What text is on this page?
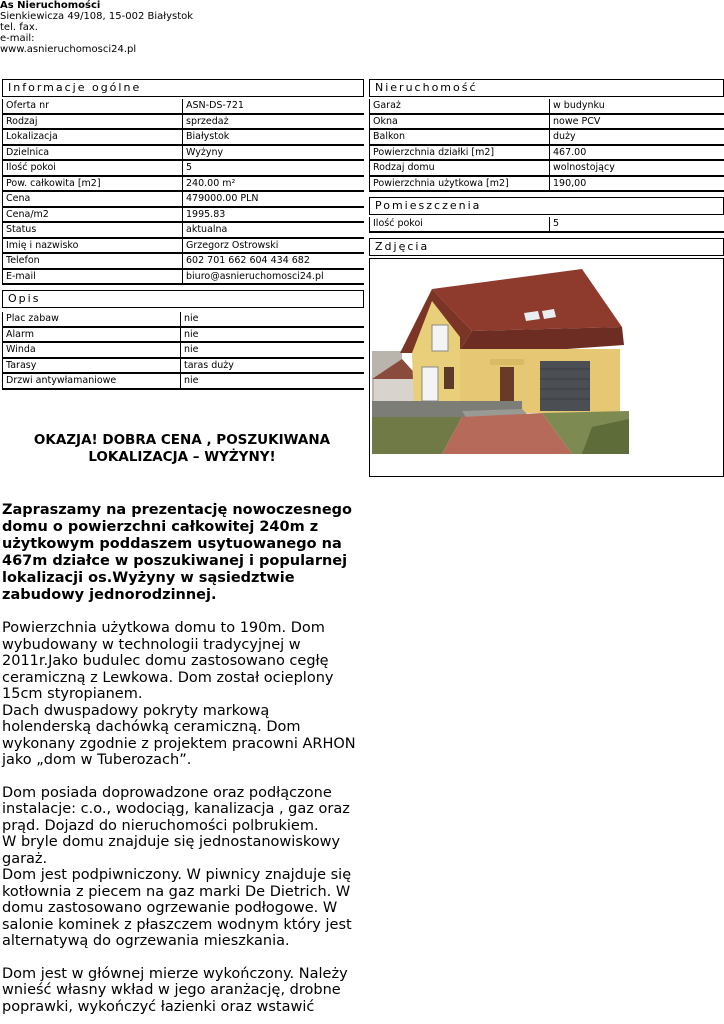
As Nieruchomości
Sienkiewicza 49/108, 15-002 Białystok
tel. fax.
e-mail:
www.asnieruchomosci24.pl
Informacje ogólne
Oferta nr	ASN-DS-721
Rodzaj	sprzedaż
Lokalizacja	Białystok
Dzielnica	Wyżyny
Ilość pokoi	5
Pow. całkowita [m2]	240.00 m²
Cena	479000.00 PLN
Cena/m2	1995.83
Status	aktualna
Imię i nazwisko	Grzegorz Ostrowski
Telefon	602 701 662 604 434 682
E-mail	biuro@asnieruchomosci24.pl
Opis
Plac zabaw	nie
Alarm	nie
Winda	nie
Tarasy	taras duży
Drzwi antywłamaniowe	nie
Nieruchomość
Garaż	w budynku
Okna	nowe PCV
Balkon	duży
Powierzchnia działki [m2]	467.00
Rodzaj domu	wolnostojący
Powierzchnia użytkowa [m2]	190,00
Pomieszczenia
Ilość pokoi	5
Zdjęcia
OKAZJA! DOBRA CENA , POSZUKIWANA LOKALIZACJA – WYŻYNY!
Zapraszamy na prezentację nowoczesnego domu o powierzchni całkowitej 240m z użytkowym poddaszem usytuowanego na 467m działce w poszukiwanej i popularnej lokalizacji os.Wyżyny w sąsiedztwie zabudowy jednorodzinnej.
Powierzchnia użytkowa domu to 190m. Dom wybudowany w technologii tradycyjnej w 2011r.Jako budulec domu zastosowano cegłę ceramiczną z Lewkowa. Dom został ocieplony 15cm styropianem.
Dach dwuspadowy pokryty markową holenderską dachówką ceramiczną. Dom wykonany zgodnie z projektem pracowni ARHON jako „dom w Tuberozach”.
Dom posiada doprowadzone oraz podłączone instalacje: c.o., wodociąg, kanalizacja , gaz oraz prąd. Dojazd do nieruchomości polbrukiem.
W bryle domu znajduje się jednostanowiskowy garaż.
Dom jest podpiwniczony. W piwnicy znajduje się kotłownia z piecem na gaz marki De Dietrich. W domu zastosowano ogrzewanie podłogowe. W salonie kominek z płaszczem wodnym który jest alternatywą do ogrzewania mieszkania.
Dom jest w głównej mierze wykończony. Należy wnieść własny wkład w jego aranżację, drobne poprawki, wykończyć łazienki oraz wstawić
